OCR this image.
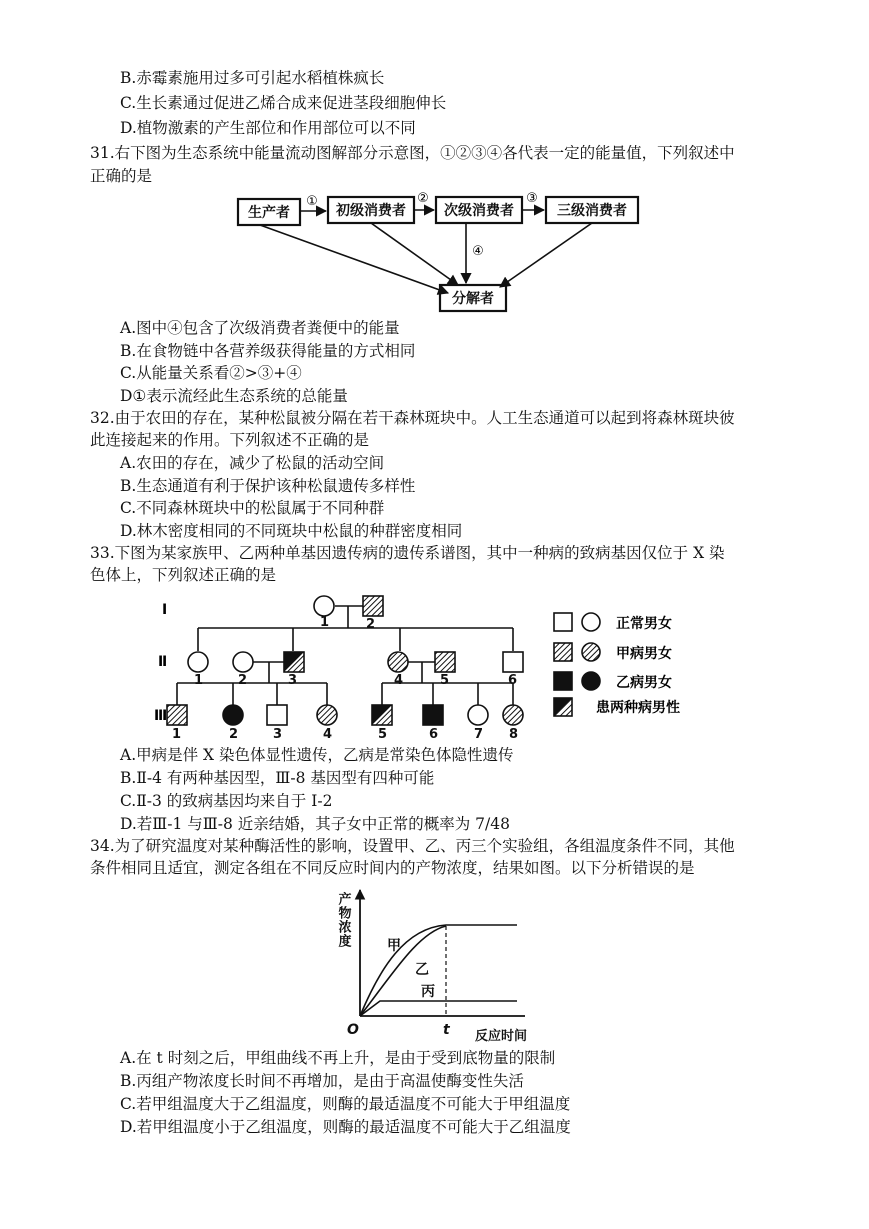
B.赤霉素施用过多可引起水稻植株疯长
C.生长素通过促进乙烯合成来促进茎段细胞伸长
D.植物激素的产生部位和作用部位可以不同
31.右下图为生态系统中能量流动图解部分示意图，①②③④各代表一定的能量值，下列叙述中
正确的是
生产者	初级消费者	次级消费者	三级消费者
分解者
①	②	③
④
A.图中④包含了次级消费者粪便中的能量
B.在食物链中各营养级获得能量的方式相同
C.从能量关系看②>③+④
D①表示流经此生态系统的总能量
32.由于农田的存在，某种松鼠被分隔在若干森林斑块中。人工生态通道可以起到将森林斑块彼
此连接起来的作用。下列叙述不正确的是
A.农田的存在，减少了松鼠的活动空间
B.生态通道有利于保护该种松鼠遗传多样性
C.不同森林斑块中的松鼠属于不同种群
D.林木密度相同的不同斑块中松鼠的种群密度相同
33.下图为某家族甲、乙两种单基因遗传病的遗传系谱图，其中一种病的致病基因仅位于 X 染
色体上，下列叙述正确的是
Ⅰ
Ⅱ
Ⅲ
1	2
1	2	3	4	5	6
1	2	3	4	5	6	7 8
正常男女
甲病男女
乙病男女
患两种病男性
A.甲病是伴 X 染色体显性遗传，乙病是常染色体隐性遗传
B.Ⅱ-4 有两种基因型，Ⅲ-8 基因型有四种可能
C.Ⅱ-3 的致病基因均来自于 I-2
D.若Ⅲ-1 与Ⅲ-8 近亲结婚，其子女中正常的概率为 7/48
34.为了研究温度对某种酶活性的影响，设置甲、乙、丙三个实验组，各组温度条件不同，其他
条件相同且适宜，测定各组在不同反应时间内的产物浓度，结果如图。以下分析错误的是
产物浓度	甲
乙
丙
O	t 反应时间
A.在 t 时刻之后，甲组曲线不再上升，是由于受到底物量的限制
B.丙组产物浓度长时间不再增加，是由于高温使酶变性失活
C.若甲组温度大于乙组温度，则酶的最适温度不可能大于甲组温度
D.若甲组温度小于乙组温度，则酶的最适温度不可能大于乙组温度
